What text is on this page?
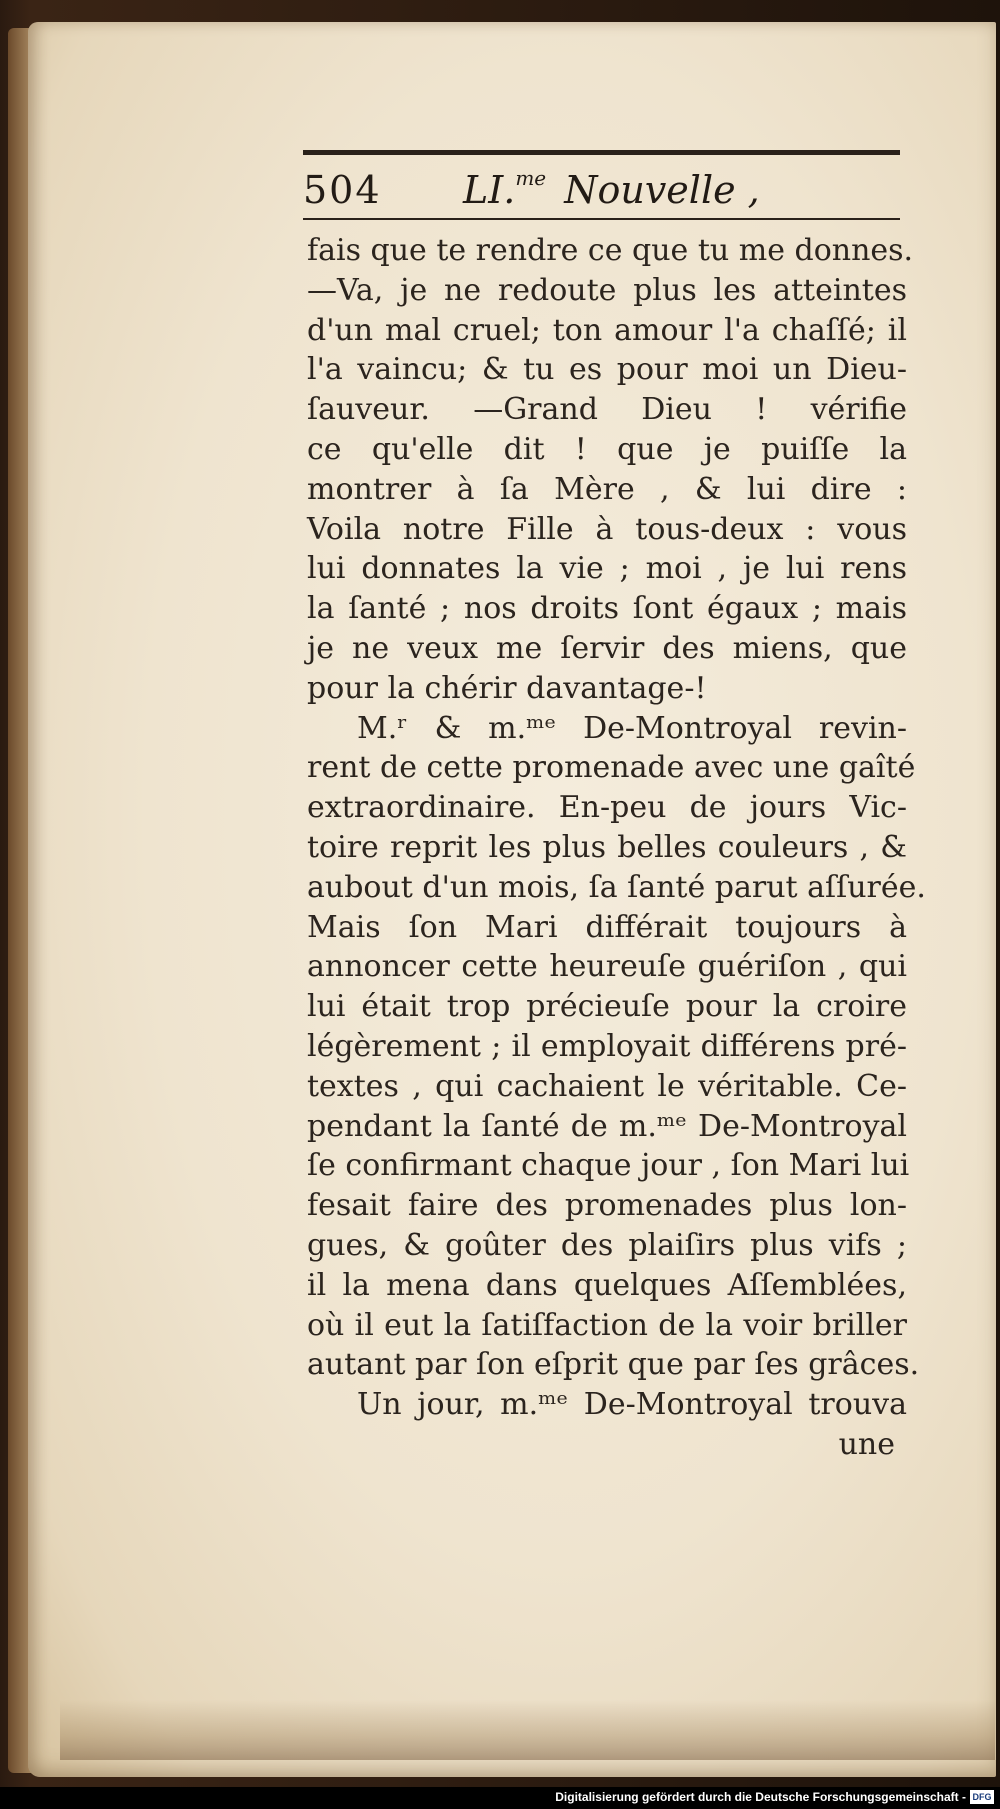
504 LI.$^{me}$ Nouvelle ,
fais que te rendre ce que tu me donnes.
—Va, je ne redoute plus les atteintes
d'un mal cruel; ton amour l'a chaſſé; il
l'a vaincu; & tu es pour moi un Dieu-
ſauveur. —Grand Dieu ! vérifie
ce qu'elle dit ! que je puiſſe la
montrer à ſa Mère , & lui dire :
Voila notre Fille à tous-deux : vous
lui donnates la vie ; moi , je lui rens
la ſanté ; nos droits ſont égaux ; mais
je ne veux me ſervir des miens, que
pour la chérir davantage-!
M.ʳ & m.ᵐᵉ De-Montroyal revin-
rent de cette promenade avec une gaîté
extraordinaire. En-peu de jours Vic-
toire reprit les plus belles couleurs , &
aubout d'un mois, ſa ſanté parut aſſurée.
Mais ſon Mari différait toujours à
annoncer cette heureuſe guériſon , qui
lui était trop précieuſe pour la croire
légèrement ; il employait différens pré-
textes , qui cachaient le véritable. Ce-
pendant la ſanté de m.ᵐᵉ De-Montroyal
ſe confirmant chaque jour , ſon Mari lui
fesait faire des promenades plus lon-
gues, & goûter des plaiſirs plus vifs ;
il la mena dans quelques Aſſemblées,
où il eut la ſatiſfaction de la voir briller
autant par ſon eſprit que par ſes grâces.
Un jour, m.ᵐᵉ De-Montroyal trouva
une
Digitalisierung gefördert durch die Deutsche Forschungsgemeinschaft - DFG
